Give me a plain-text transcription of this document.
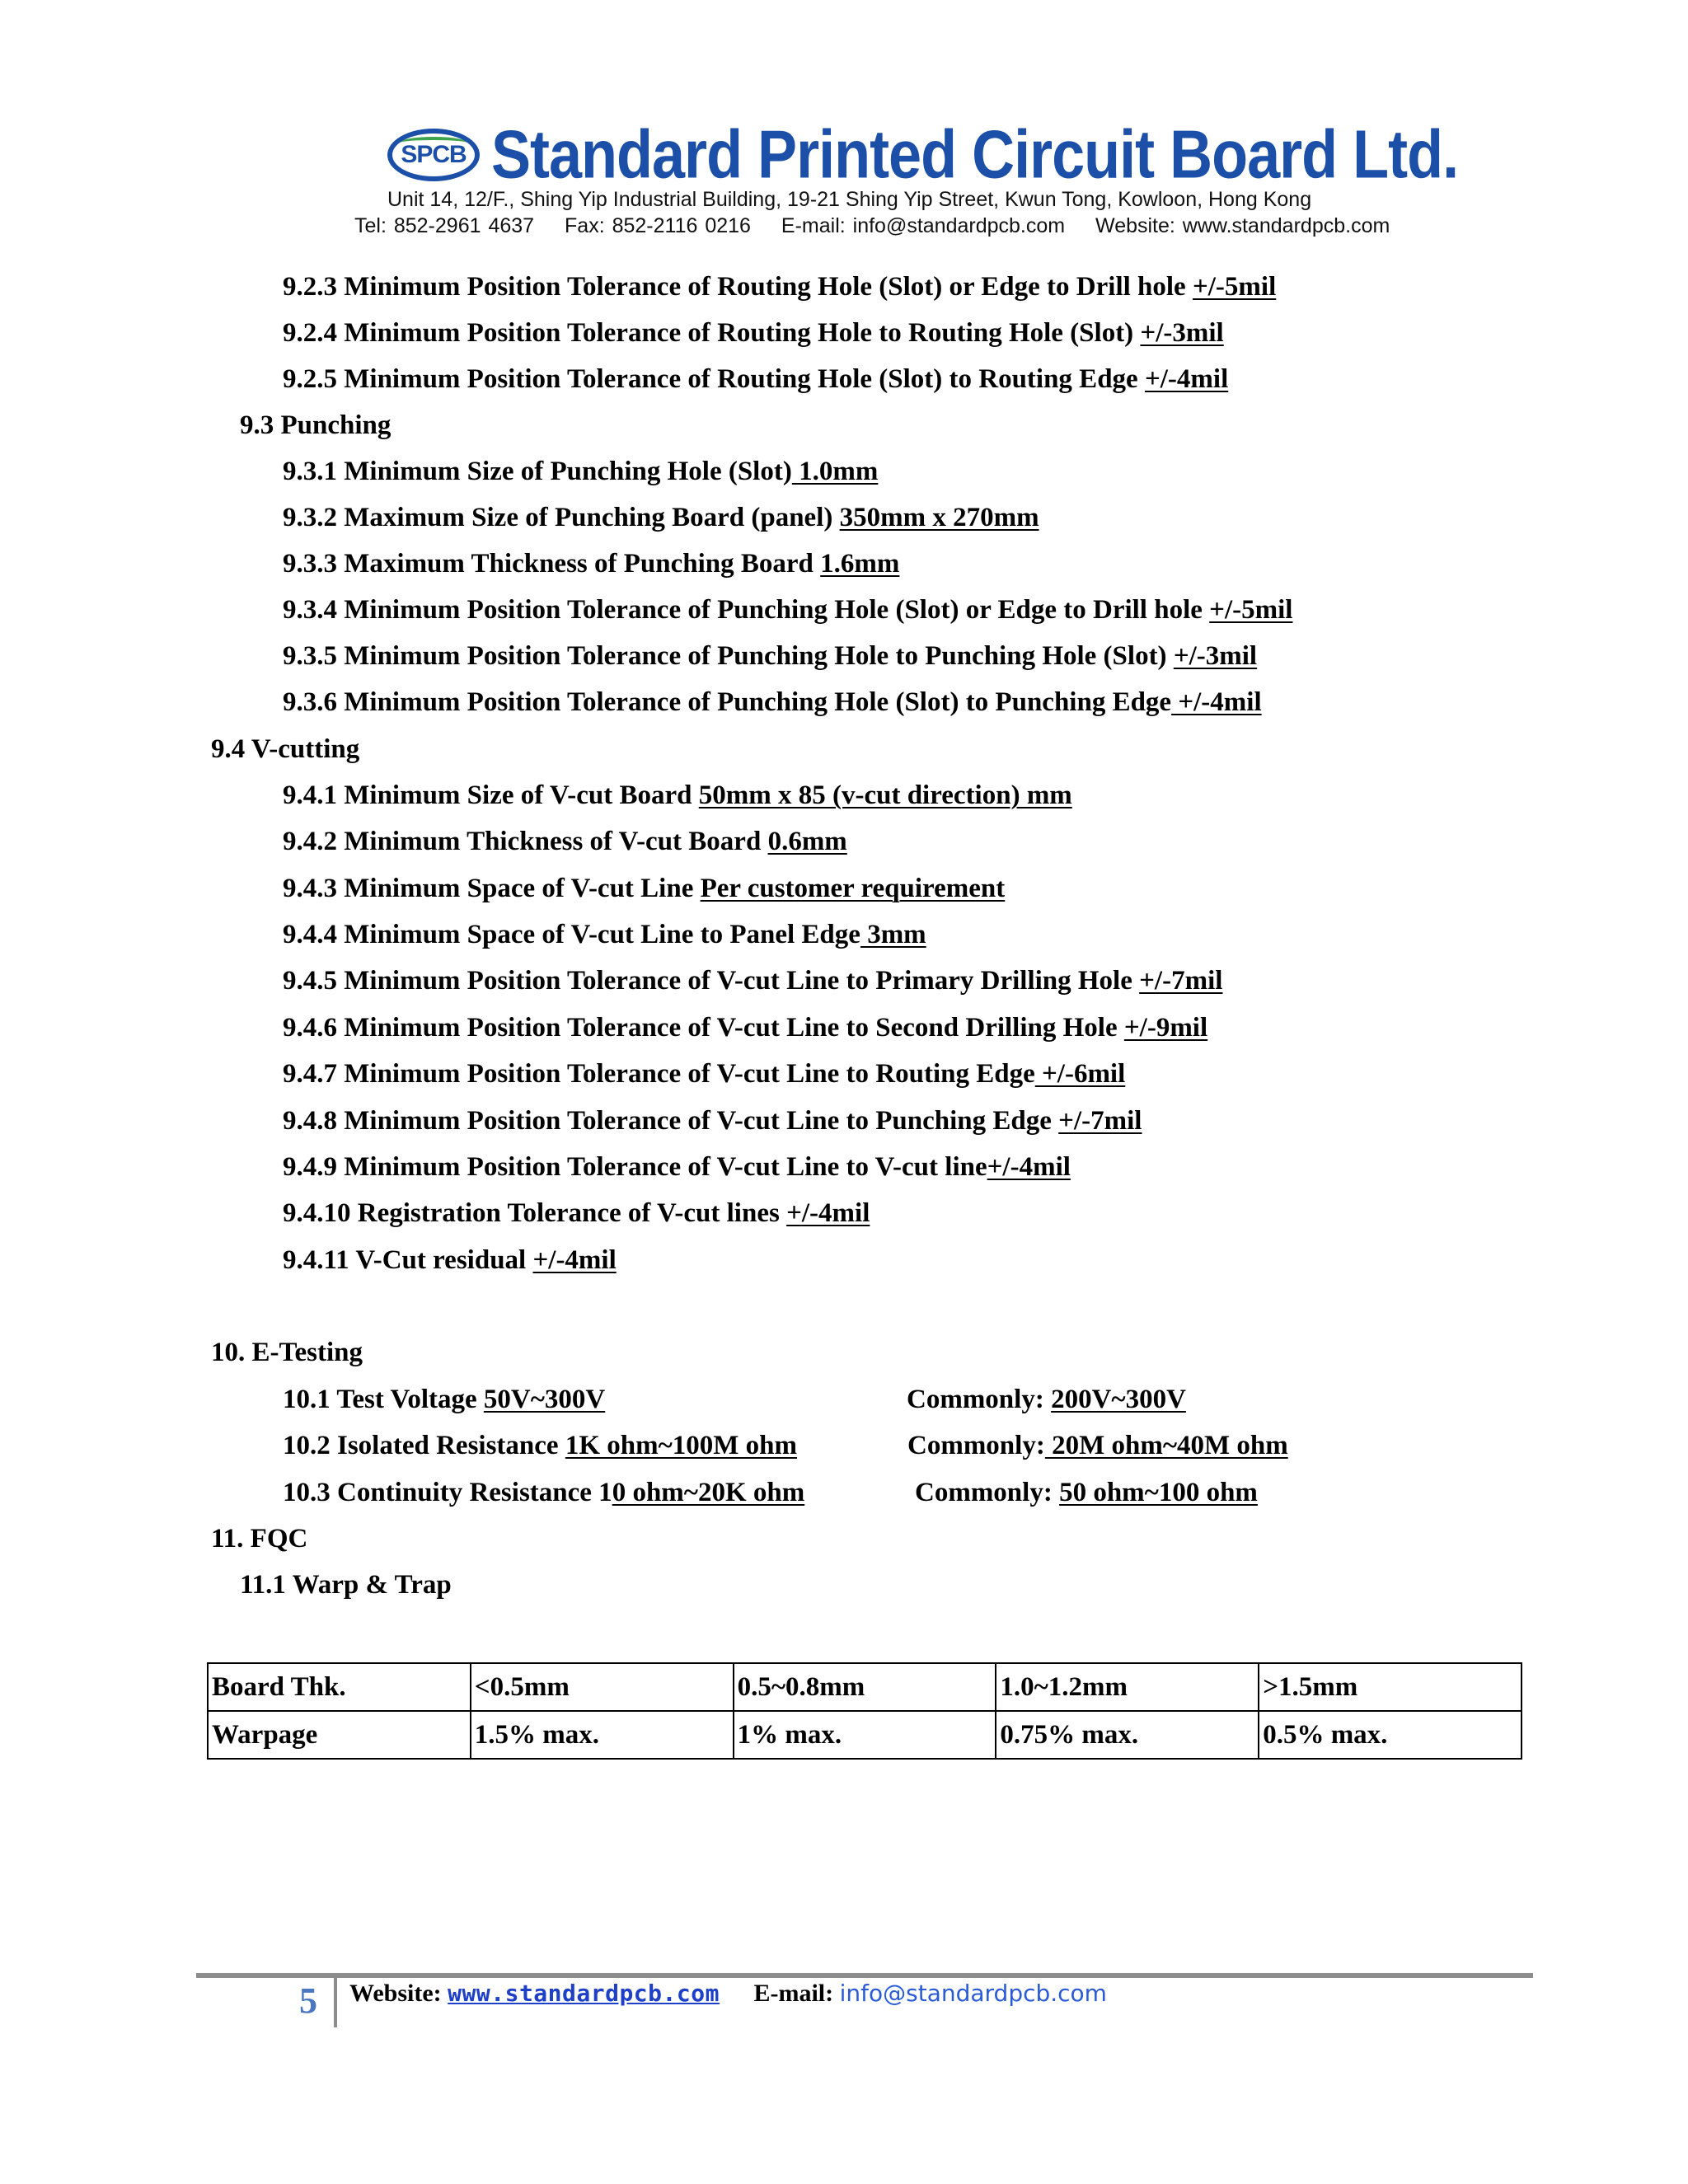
SPCB Standard Printed Circuit Board Ltd.
Unit 14, 12/F., Shing Yip Industrial Building, 19-21 Shing Yip Street, Kwun Tong, Kowloon, Hong Kong
Tel: 852-2961 4637 Fax: 852-2116 0216 E-mail: info@standardpcb.com Website: www.standardpcb.com
9.2.3 Minimum Position Tolerance of Routing Hole (Slot) or Edge to Drill hole +/-5mil
9.2.4 Minimum Position Tolerance of Routing Hole to Routing Hole (Slot) +/-3mil
9.2.5 Minimum Position Tolerance of Routing Hole (Slot) to Routing Edge +/-4mil
9.3 Punching
9.3.1 Minimum Size of Punching Hole (Slot) 1.0mm
9.3.2 Maximum Size of Punching Board (panel) 350mm x 270mm
9.3.3 Maximum Thickness of Punching Board 1.6mm
9.3.4 Minimum Position Tolerance of Punching Hole (Slot) or Edge to Drill hole +/-5mil
9.3.5 Minimum Position Tolerance of Punching Hole to Punching Hole (Slot) +/-3mil
9.3.6 Minimum Position Tolerance of Punching Hole (Slot) to Punching Edge +/-4mil
9.4 V-cutting
9.4.1 Minimum Size of V-cut Board 50mm x 85 (v-cut direction) mm
9.4.2 Minimum Thickness of V-cut Board 0.6mm
9.4.3 Minimum Space of V-cut Line Per customer requirement
9.4.4 Minimum Space of V-cut Line to Panel Edge 3mm
9.4.5 Minimum Position Tolerance of V-cut Line to Primary Drilling Hole +/-7mil
9.4.6 Minimum Position Tolerance of V-cut Line to Second Drilling Hole +/-9mil
9.4.7 Minimum Position Tolerance of V-cut Line to Routing Edge +/-6mil
9.4.8 Minimum Position Tolerance of V-cut Line to Punching Edge +/-7mil
9.4.9 Minimum Position Tolerance of V-cut Line to V-cut line+/-4mil
9.4.10 Registration Tolerance of V-cut lines +/-4mil
9.4.11 V-Cut residual +/-4mil
10. E-Testing
10.1 Test Voltage 50V~300V	Commonly: 200V~300V
10.2 Isolated Resistance 1K ohm~100M ohm	Commonly: 20M ohm~40M ohm
10.3 Continuity Resistance 10 ohm~20K ohm	Commonly: 50 ohm~100 ohm
11. FQC
11.1 Warp & Trap
Board Thk.	<0.5mm	0.5~0.8mm	1.0~1.2mm	>1.5mm
Warpage	1.5% max.	1% max.	0.75% max.	0.5% max.
5 Website: www.standardpcb.com E-mail: info@standardpcb.com
